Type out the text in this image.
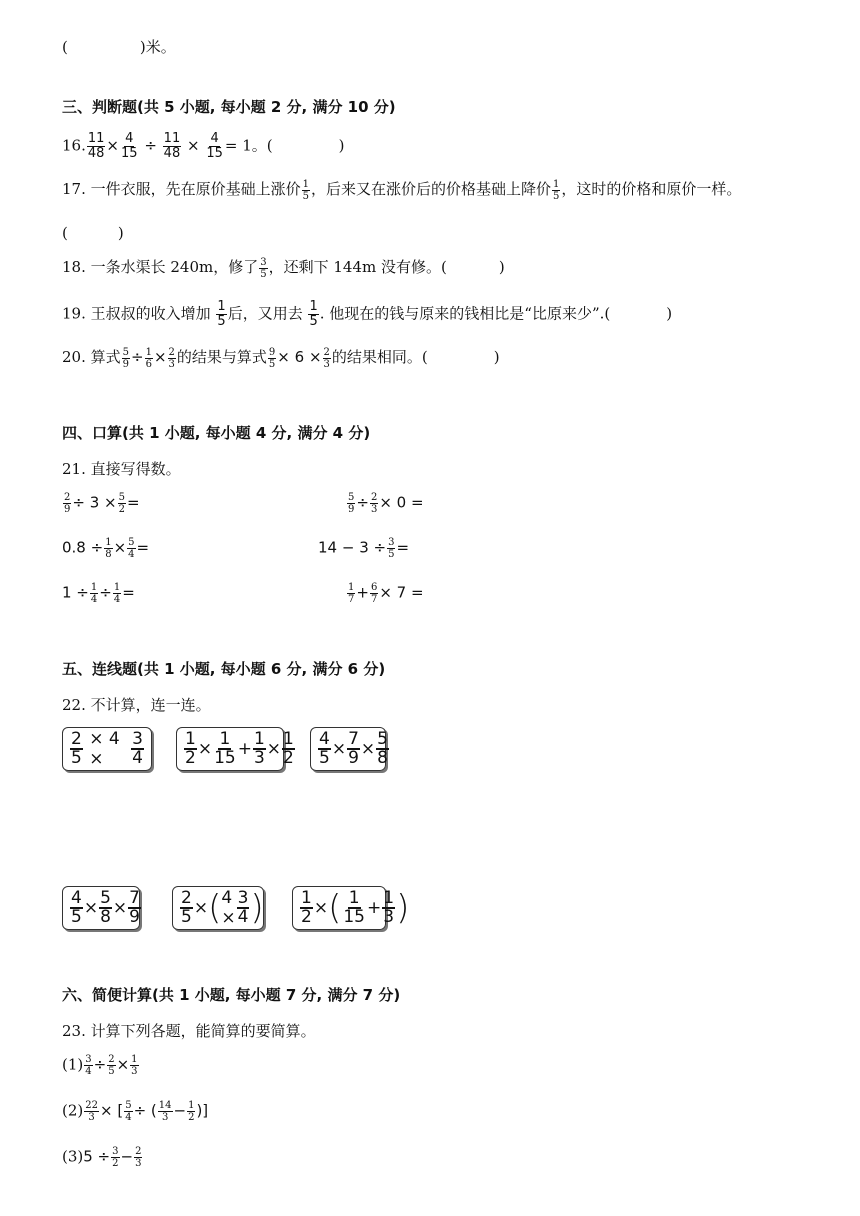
(	)米。
三、判断题(共 5 小题, 每小题 2 分, 满分 10 分)
16. $\frac{11}{48} \times \frac{4}{15} \div \frac{11}{48} \times \frac{4}{15} = 1$。(	)
17. 一件衣服，先在原价基础上涨价 $\frac{1}{5}$ ，后来又在涨价后的价格基础上降价 $\frac{1}{5}$ ，这时的价格和原价一样。
(	)
18. 一条水渠长 240m，修了 $\frac{3}{5}$ ，还剩下 144m 没有修。(	)
19. 王叔叔的收入增加 $\frac{1}{5}$ 后，又用去 $\frac{1}{5}$ . 他现在的钱与原来的钱相比是“比原来少”.(	)
20. 算式 $\frac{5}{9} \div \frac{1}{6} \times \frac{2}{3}$ 的结果与算式 $\frac{9}{5} \times 6 \times \frac{2}{3}$ 的结果相同。(	)
四、口算(共 1 小题, 每小题 4 分, 满分 4 分)
21. 直接写得数。
$\frac{2}{9} \div 3 \times \frac{5}{2}$ =	$\frac{5}{9} \div \frac{2}{3} \times 0$ =
$0.8 \div \frac{1}{8} \times \frac{5}{4}$ =	$14 - 3 \div \frac{3}{5}$ =
$1 \div \frac{1}{4} \div \frac{1}{4}$ =	$\frac{1}{7} + \frac{6}{7} \times 7$ =
五、连线题(共 1 小题, 每小题 6 分, 满分 6 分)
22. 不计算，连一连。
$\frac{2}{5}$
× 4 ×
	$\frac{3}{4} \frac{1}{2} \times \frac{1}{15} + \frac{1}{3} \times \frac{1}{2} \frac{4}{5} \times \frac{7}{9} \times \frac{5}{8}$
$\frac{4}{5} \times \frac{5}{8} \times \frac{7}{9} \frac{2}{5}$ × ( $4 \times \frac{3}{4}$ ) $\frac{1}{2}$ × ( 1
$15 + \frac{1}{3}$ )
六、简便计算(共 1 小题, 每小题 7 分, 满分 7 分)
23. 计算下列各题，能简算的要简算。
$(1) \frac{3}{4} \div \frac{2}{5} \times \frac{1}{3}$
$(2) \frac{22}{3}$ × [ $\frac{5}{4}$ ÷ ( $\frac{14}{3} - \frac{1}{2}$ )]
$(3)5 \div \frac{3}{2} - \frac{2}{3}$
